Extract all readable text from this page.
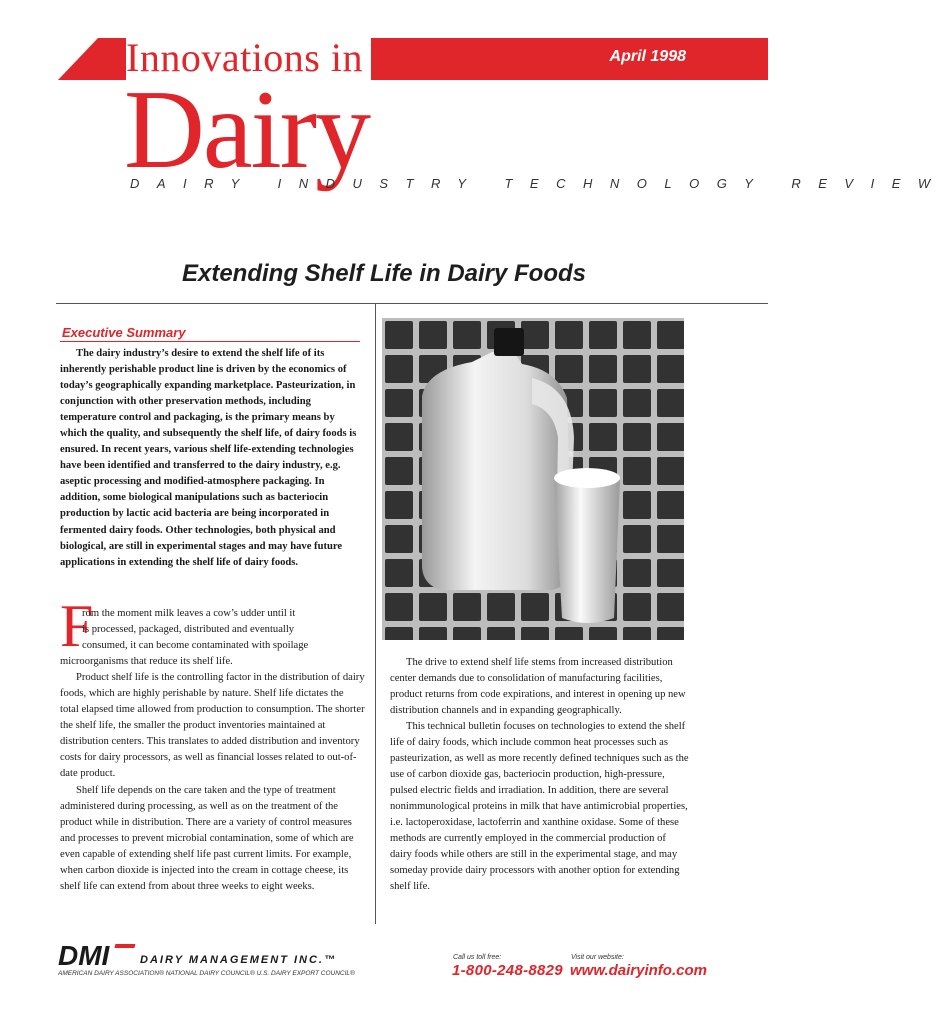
Innovations in	April 1998
Dairy
DAIRY INDUSTRY TECHNOLOGY REVIEW
Extending Shelf Life in Dairy Foods
Executive Summary
The dairy industry’s desire to extend the shelf life of its inherently perishable product line is driven by the economics of today’s geographically expanding marketplace. Pasteurization, in conjunction with other preservation methods, including temperature control and packaging, is the primary means by which the quality, and subsequently the shelf life, of dairy foods is ensured. In recent years, various shelf life-extending technologies have been identified and transferred to the dairy industry, e.g. aseptic processing and modified-atmosphere packaging. In addition, some biological manipulations such as bacteriocin production by lactic acid bacteria are being incorporated in fermented dairy foods. Other technologies, both physical and biological, are still in experimental stages and may have future applications in extending the shelf life of dairy foods.
F
rom the moment milk leaves a cow’s udder until it
is processed, packaged, distributed and eventually
consumed, it can become contaminated with spoilage
microorganisms that reduce its shelf life.
Product shelf life is the controlling factor in the distribution of dairy foods, which are highly perishable by nature. Shelf life dictates the total elapsed time allowed from production to consumption. The shorter the shelf life, the smaller the product inventories maintained at distribution centers. This translates to added distribution and inventory costs for dairy processors, as well as financial losses related to out-of-date product.
Shelf life depends on the care taken and the type of treatment administered during processing, as well as on the treatment of the product while in distribution. There are a variety of control measures and processes to prevent microbial contamination, some of which are even capable of extending shelf life past current limits. For example, when carbon dioxide is injected into the cream in cottage cheese, its shelf life can extend from about three weeks to eight weeks.
The drive to extend shelf life stems from increased distribution center demands due to consolidation of manufacturing facilities, product returns from code expirations, and interest in opening up new distribution channels and in expanding geographically.
This technical bulletin focuses on technologies to extend the shelf life of dairy foods, which include common heat processes such as pasteurization, as well as more recently defined techniques such as the use of carbon dioxide gas, bacteriocin production, high-pressure, pulsed electric fields and irradiation. In addition, there are several nonimmunological proteins in milk that have antimicrobial properties, i.e. lactoperoxidase, lactoferrin and xanthine oxidase. Some of these methods are currently employed in the commercial production of dairy foods while others are still in the experimental stage, and may someday provide dairy processors with another option for extending shelf life.
DMI	DAIRY MANAGEMENT INC.™
AMERICAN DAIRY ASSOCIATION® NATIONAL DAIRY COUNCIL® U.S. DAIRY EXPORT COUNCIL®
Call us toll free:
1-800-248-8829
Visit our website:
www.dairyinfo.com
